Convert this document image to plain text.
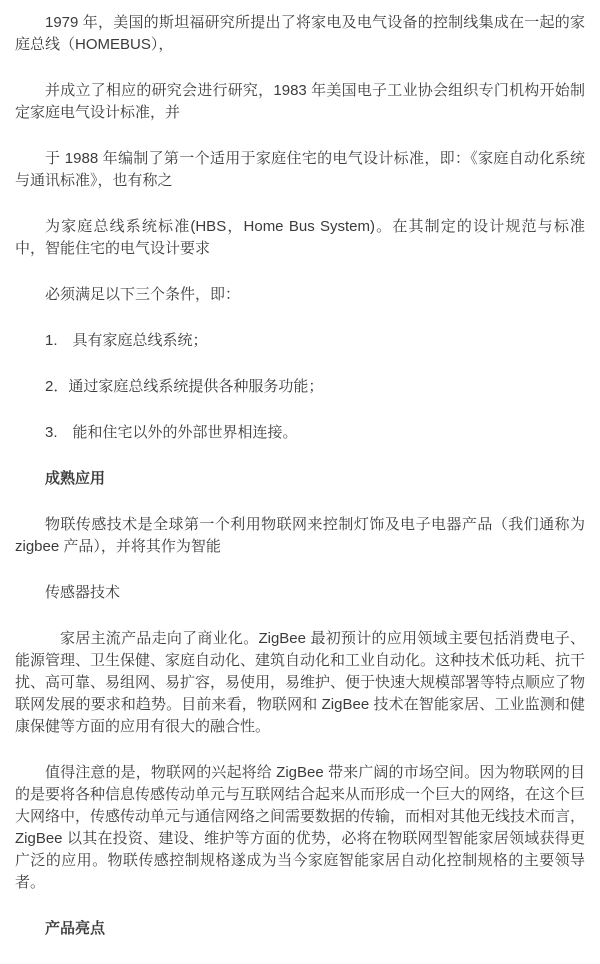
1979 年，美国的斯坦福研究所提出了将家电及电气设备的控制线集成在一起的家庭总线（HOMEBUS），

并成立了相应的研究会进行研究，1983 年美国电子工业协会组织专门机构开始制定家庭电气设计标准，并

于 1988 年编制了第一个适用于家庭住宅的电气设计标准，即：《家庭自动化系统与通讯标准》，也有称之

为家庭总线系统标准(HBS，Home Bus System)。在其制定的设计规范与标准中，智能住宅的电气设计要求

必须满足以下三个条件，即：

1.　具有家庭总线系统；

2．通过家庭总线系统提供各种服务功能；

3.　能和住宅以外的外部世界相连接。

成熟应用

物联传感技术是全球第一个利用物联网来控制灯饰及电子电器产品（我们通称为 zigbee 产品），并将其作为智能

传感器技术

家居主流产品走向了商业化。ZigBee 最初预计的应用领域主要包括消费电子、能源管理、卫生保健、家庭自动化、建筑自动化和工业自动化。这种技术低功耗、抗干扰、高可靠、易组网、易扩容，易使用，易维护、便于快速大规模部署等特点顺应了物联网发展的要求和趋势。目前来看，物联网和 ZigBee 技术在智能家居、工业监测和健康保健等方面的应用有很大的融合性。

值得注意的是，物联网的兴起将给 ZigBee 带来广阔的市场空间。因为物联网的目的是要将各种信息传感传动单元与互联网结合起来从而形成一个巨大的网络，在这个巨大网络中，传感传动单元与通信网络之间需要数据的传输，而相对其他无线技术而言，ZigBee 以其在投资、建设、维护等方面的优势，必将在物联网型智能家居领域获得更广泛的应用。物联传感控制规格遂成为当今家庭智能家居自动化控制规格的主要领导者。

产品亮点
